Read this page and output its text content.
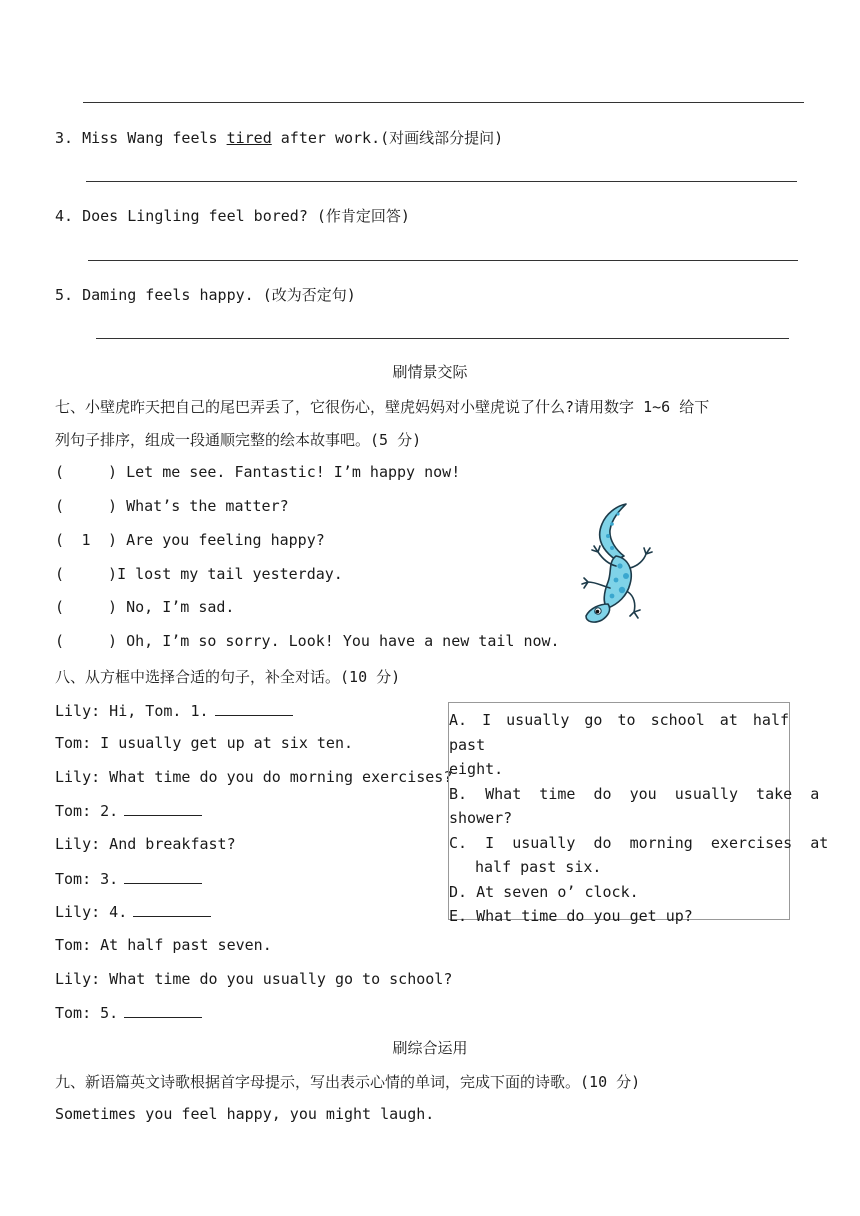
3. Miss Wang feels tired after work.(对画线部分提问)
4. Does Lingling feel bored? (作肯定回答)
5. Daming feels happy. (改为否定句)
刷情景交际
七、小壁虎昨天把自己的尾巴弄丢了，它很伤心，壁虎妈妈对小壁虎说了什么?请用数字 1~6 给下
列句子排序，组成一段通顺完整的绘本故事吧。(5 分)
(	) Let me see. Fantastic! I’m happy now!
(	) What’s the matter?
( 1 ) Are you feeling happy?
(	)I lost my tail yesterday.
(	) No, I’m sad.
(	) Oh, I’m so sorry. Look! You have a new tail now.
八、从方框中选择合适的句子，补全对话。(10 分)
Lily: Hi, Tom. 1.
Tom: I usually get up at six ten.
Lily: What time do you do morning exercises?
Tom: 2.
Lily: And breakfast?
Tom: 3.
Lily: 4.
Tom: At half past seven.
Lily: What time do you usually go to school?
Tom: 5.
A. I usually go to school at half past
eight.
B.  What  time  do  you  usually  take  a
shower?
C.  I  usually  do  morning  exercises  at
half past six.
D. At seven o’ clock.
E. What time do you get up?
刷综合运用
九、新语篇英文诗歌根据首字母提示，写出表示心情的单词，完成下面的诗歌。(10 分)
Sometimes you feel happy, you might laugh.
